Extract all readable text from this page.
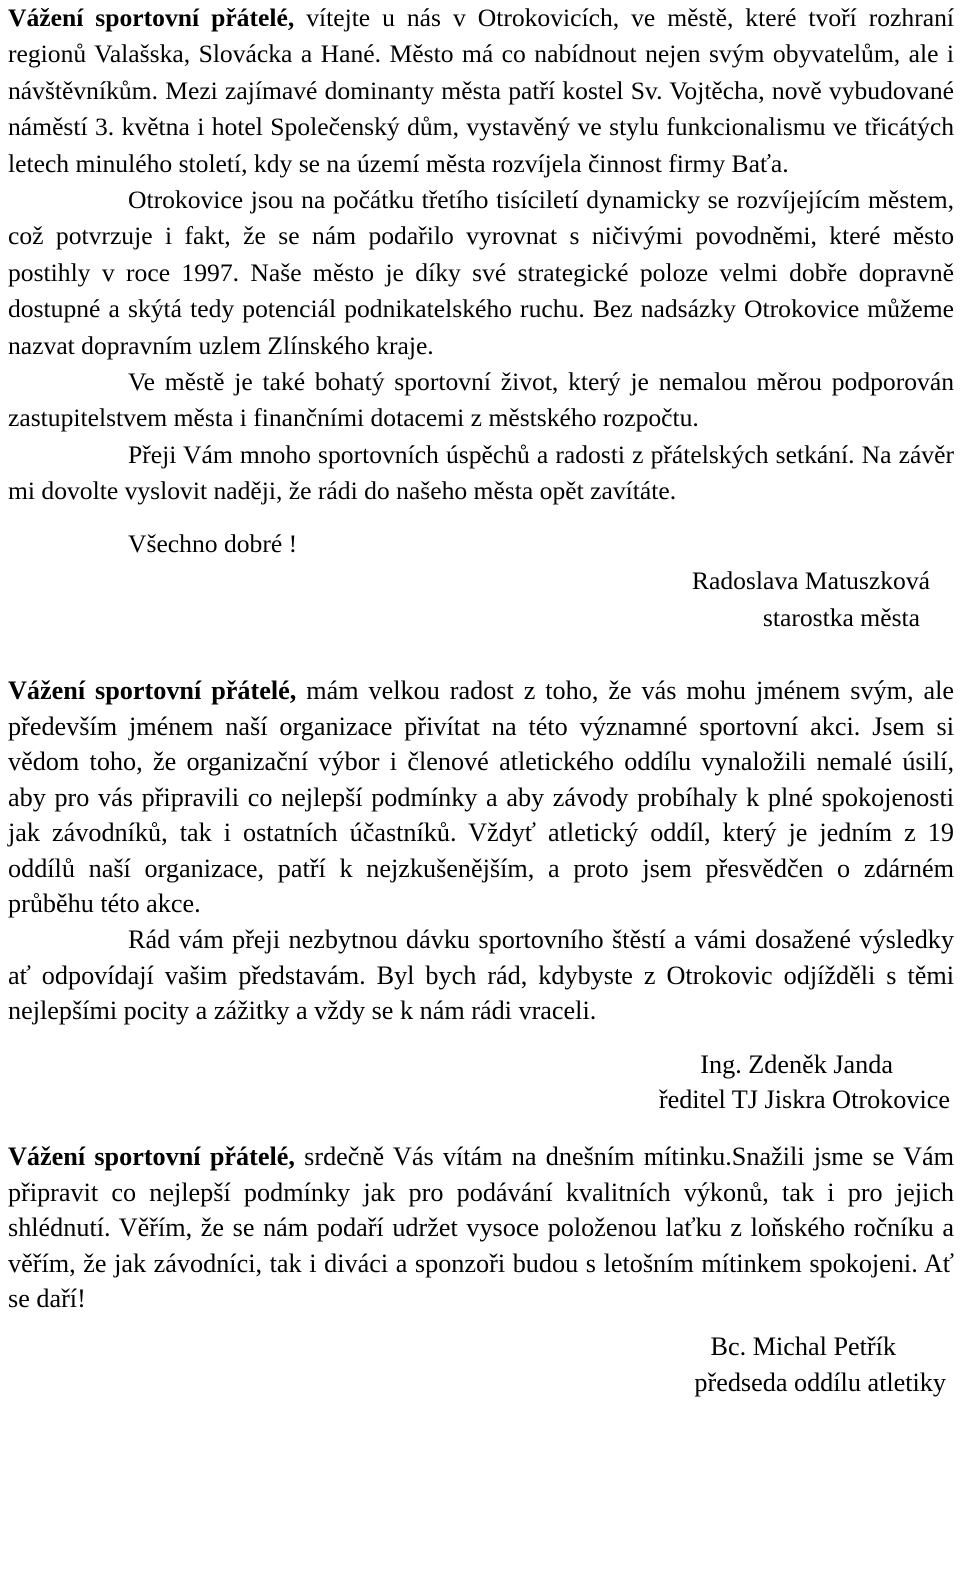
Vážení sportovní přátelé, vítejte u nás v Otrokovicích, ve městě, které tvoří rozhraní regionů Valašska, Slovácka a Hané. Město má co nabídnout nejen svým obyvatelům, ale i návštěvníkům. Mezi zajímavé dominanty města patří kostel Sv. Vojtěcha, nově vybudované náměstí 3. května i hotel Společenský dům, vystavěný ve stylu funkcionalismu ve třicátých letech minulého století, kdy se na území města rozvíjela činnost firmy Baťa.

Otrokovice jsou na počátku třetího tisíciletí dynamicky se rozvíjejícím městem, což potvrzuje i fakt, že se nám podařilo vyrovnat s ničivými povodněmi, které město postihly v roce 1997. Naše město je díky své strategické poloze velmi dobře dopravně dostupné a skýtá tedy potenciál podnikatelského ruchu. Bez nadsázky Otrokovice můžeme nazvat dopravním uzlem Zlínského kraje.

Ve městě je také bohatý sportovní život, který je nemalou měrou podporován zastupitelstvem města i finančními dotacemi z městského rozpočtu.

Přeji Vám mnoho sportovních úspěchů a radosti z přátelských setkání. Na závěr mi dovolte vyslovit naději, že rádi do našeho města opět zavítáte.

Všechno dobré !

Radoslava Matuszková
starostka města

Vážení sportovní přátelé, mám velkou radost z toho, že vás mohu jménem svým, ale především jménem naší organizace přivítat na této významné sportovní akci. Jsem si vědom toho, že organizační výbor i členové atletického oddílu vynaložili nemalé úsilí, aby pro vás připravili co nejlepší podmínky a aby závody probíhaly k plné spokojenosti jak závodníků, tak i ostatních účastníků. Vždyť atletický oddíl, který je jedním z 19 oddílů naší organizace, patří k nejzkušenějším, a proto jsem přesvědčen o zdárném průběhu této akce.

Rád vám přeji nezbytnou dávku sportovního štěstí a vámi dosažené výsledky ať odpovídají vašim představám. Byl bych rád, kdybyste z Otrokovic odjížděli s těmi nejlepšími pocity a zážitky a vždy se k nám rádi vraceli.

Ing. Zdeněk Janda
ředitel TJ Jiskra Otrokovice

Vážení sportovní přátelé, srdečně Vás vítám na dnešním mítinku.Snažili jsme se Vám připravit co nejlepší podmínky jak pro podávání kvalitních výkonů, tak i pro jejich shlédnutí. Věřím, že se nám podaří udržet vysoce položenou laťku z loňského ročníku a věřím, že jak závodníci, tak i diváci a sponzoři budou s letošním mítinkem spokojeni. Ať se daří!

Bc. Michal Petřík
předseda oddílu atletiky
